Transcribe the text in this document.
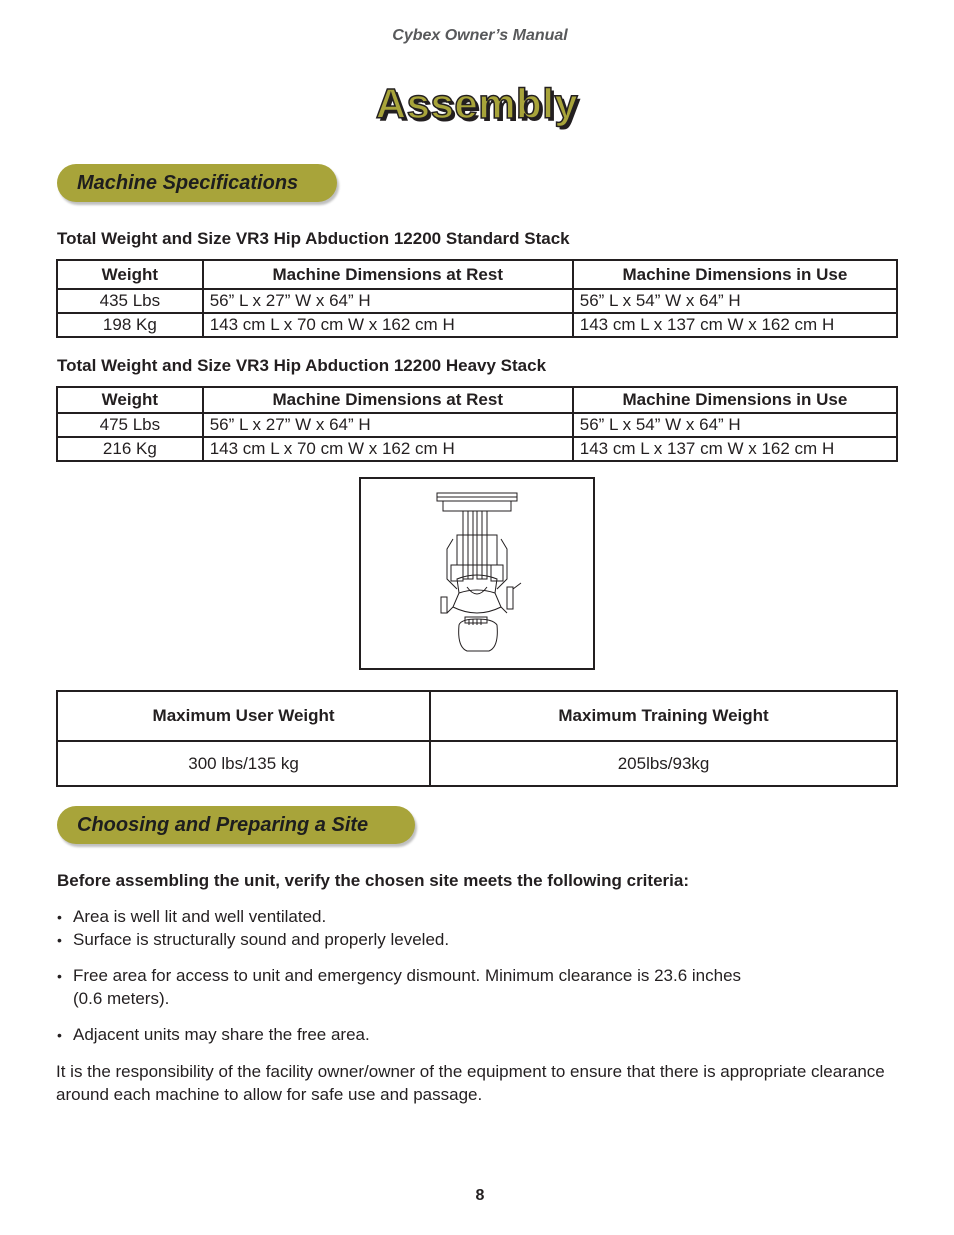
Cybex Owner’s Manual
Assembly
Machine Specifications
Total Weight and Size VR3 Hip Abduction 12200 Standard Stack
Weight	Machine Dimensions at Rest	Machine Dimensions in Use
435 Lbs	56” L x 27” W x 64” H	56” L x 54” W x 64” H
198 Kg	143 cm L x 70 cm W x 162 cm H	143 cm L x 137 cm W x 162 cm H
Total Weight and Size VR3 Hip Abduction 12200 Heavy Stack
Weight	Machine Dimensions at Rest	Machine Dimensions in Use
475 Lbs	56” L x 27” W x 64” H	56” L x 54” W x 64” H
216 Kg	143 cm L x 70 cm W x 162 cm H	143 cm L x 137 cm W x 162 cm H
Maximum User Weight	Maximum Training Weight
300 lbs/135 kg	205lbs/93kg
Choosing and Preparing a Site
Before assembling the unit, verify the chosen site meets the following criteria:
• Area is well lit and well ventilated.
• Surface is structurally sound and properly leveled.
• Free area for access to unit and emergency dismount. Minimum clearance is 23.6 inches
(0.6 meters).
• Adjacent units may share the free area.
It is the responsibility of the facility owner/owner of the equipment to ensure that there is appropriate clearance around each machine to allow for safe use and passage.
8
